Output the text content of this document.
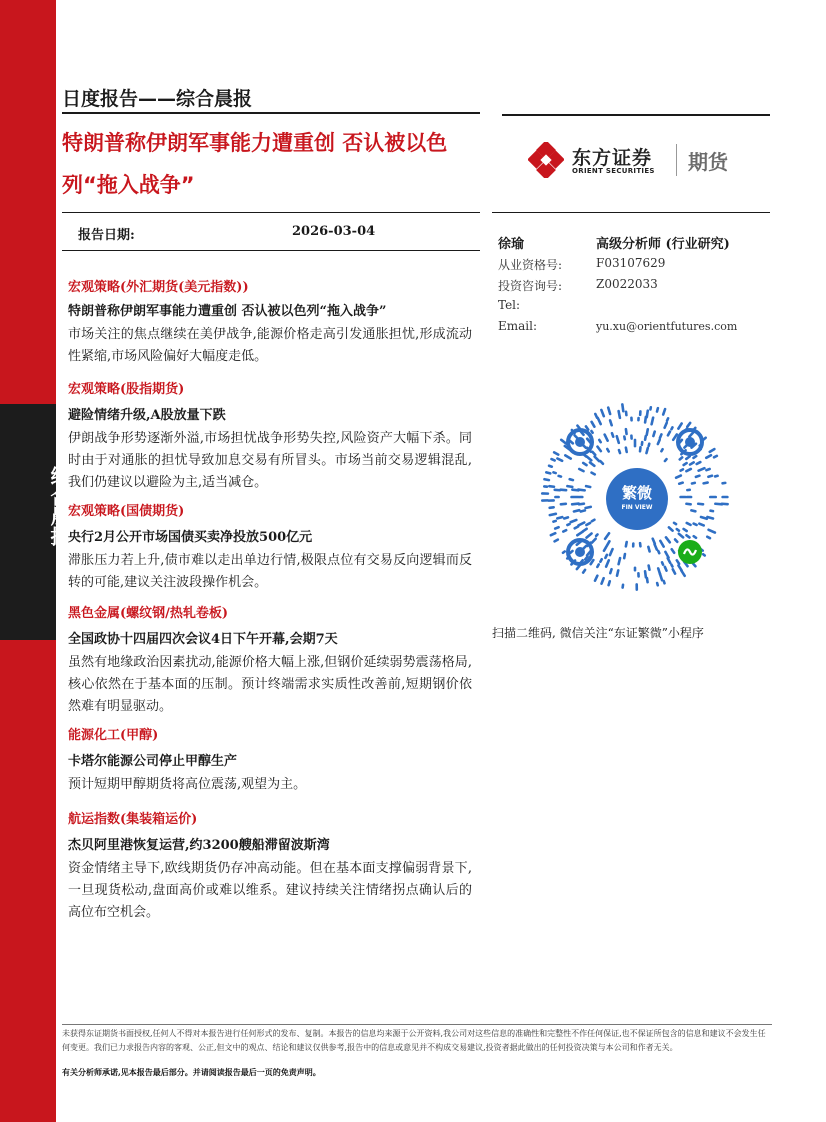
综合晨报
日度报告——综合晨报
特朗普称伊朗军事能力遭重创 否认被以色
列“拖入战争”
东方证券
ORIENT SECURITIES 期货
报告日期:	2026-03-04
徐瑜	高级分析师 (行业研究)
从业资格号:	F03107629
投资咨询号:	Z0022033
Tel:
Email:	yu.xu@orientfutures.com
繁微
FIN VIEW
扫描二维码, 微信关注“东证繁微”小程序
宏观策略(外汇期货(美元指数))
特朗普称伊朗军事能力遭重创 否认被以色列“拖入战争”
市场关注的焦点继续在美伊战争,能源价格走高引发通胀担忧,形成流动性紧缩,市场风险偏好大幅度走低。
宏观策略(股指期货)
避险情绪升级,A股放量下跌
伊朗战争形势逐渐外溢,市场担忧战争形势失控,风险资产大幅下杀。同时由于对通胀的担忧导致加息交易有所冒头。市场当前交易逻辑混乱,我们仍建议以避险为主,适当减仓。
宏观策略(国债期货)
央行2月公开市场国债买卖净投放500亿元
滞胀压力若上升,债市难以走出单边行情,极限点位有交易反向逻辑而反转的可能,建议关注波段操作机会。
黑色金属(螺纹钢/热轧卷板)
全国政协十四届四次会议4日下午开幕,会期7天
虽然有地缘政治因素扰动,能源价格大幅上涨,但钢价延续弱势震荡格局,核心依然在于基本面的压制。预计终端需求实质性改善前,短期钢价依然难有明显驱动。
能源化工(甲醇)
卡塔尔能源公司停止甲醇生产
预计短期甲醇期货将高位震荡,观望为主。
航运指数(集装箱运价)
杰贝阿里港恢复运营,约3200艘船滞留波斯湾
资金情绪主导下,欧线期货仍存冲高动能。但在基本面支撑偏弱背景下,一旦现货松动,盘面高价或难以维系。建议持续关注情绪拐点确认后的高位布空机会。
未获得东证期货书面授权,任何人不得对本报告进行任何形式的发布、复制。本报告的信息均来源于公开资料,我公司对这些信息的准确性和完整性不作任何保证,也不保证所包含的信息和建议不会发生任何变更。我们已力求报告内容的客观、公正,但文中的观点、结论和建议仅供参考,报告中的信息或意见并不构成交易建议,投资者据此做出的任何投资决策与本公司和作者无关。
有关分析师承诺,见本报告最后部分。并请阅读报告最后一页的免责声明。
